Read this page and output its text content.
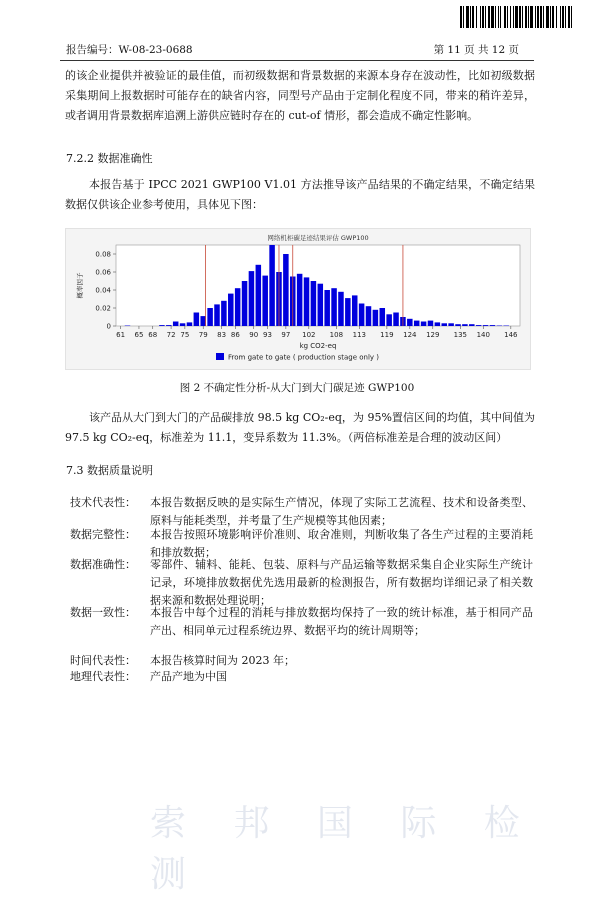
报告编号：W-08-23-0688	第 11 页 共 12 页
的该企业提供并被验证的最佳值，而初级数据和背景数据的来源本身存在波动性，比如初级数据采集期间上报数据时可能存在的缺省内容，同型号产品由于定制化程度不同，带来的稍许差异，或者调用背景数据库追溯上游供应链时存在的 cut-of 情形，都会造成不确定性影响。
7.2.2 数据准确性
本报告基于 IPCC 2021 GWP100 V1.01 方法推导该产品结果的不确定结果，不确定结果数据仅供该企业参考使用，具体见下图：
网络机柜碳足迹结果评估 GWP100
0
0.02
0.04
0.06
0.08
概率因子
61 65 68 72 75 79 83 86 90 93 97 102 108 113 119 124 129 135 140 146
kg CO2-eq
From gate to gate ( production stage only )
图 2 不确定性分析-从大门到大门碳足迹 GWP100
该产品从大门到大门的产品碳排放 98.5 kg CO₂-eq，为 95%置信区间的均值，其中间值为 97.5 kg CO₂-eq，标准差为 11.1，变异系数为 11.3%。（两倍标准差是合理的波动区间）
7.3 数据质量说明
技术代表性：	本报告数据反映的是实际生产情况，体现了实际工艺流程、技术和设备类型、原料与能耗类型，并考量了生产规模等其他因素；
数据完整性：	本报告按照环境影响评价准则、取舍准则，判断收集了各生产过程的主要消耗和排放数据；
数据准确性：	零部件、辅料、能耗、包装、原料与产品运输等数据采集自企业实际生产统计记录，环境排放数据优先选用最新的检测报告，所有数据均详细记录了相关数据来源和数据处理说明；
数据一致性：	本报告中每个过程的消耗与排放数据均保持了一致的统计标准，基于相同产品产出、相同单元过程系统边界、数据平均的统计周期等；
时间代表性：	本报告核算时间为 2023 年；
地理代表性：	产品产地为中国
索 邦 国 际 检 测
